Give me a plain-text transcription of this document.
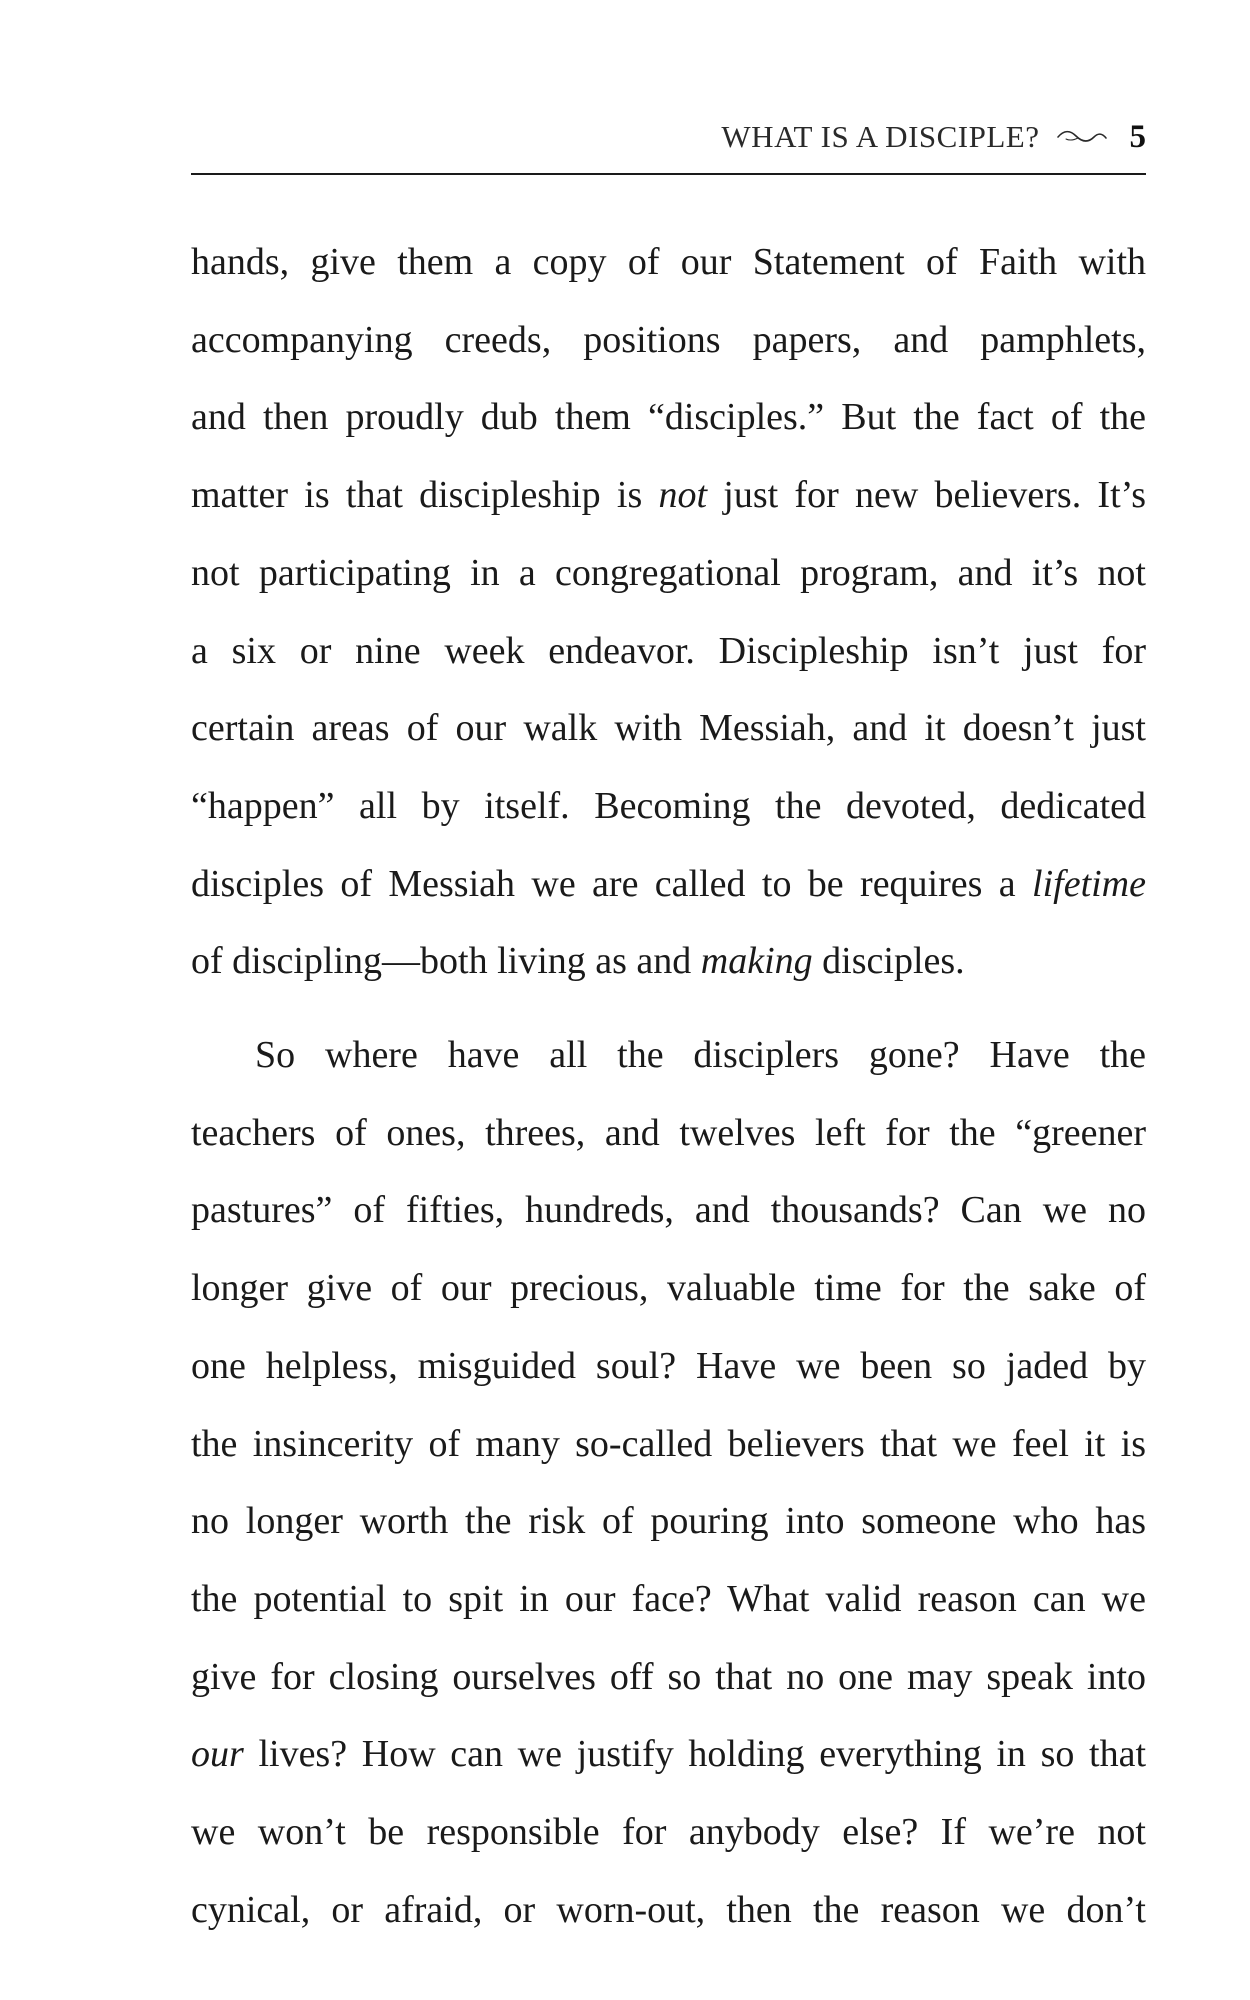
WHAT IS A DISCIPLE?	5
hands, give them a copy of our Statement of Faith with
accompanying creeds, positions papers, and pamphlets,
and then proudly dub them “disciples.” But the fact of the
matter is that discipleship is not just for new believers. It’s
not participating in a congregational program, and it’s not
a six or nine week endeavor. Discipleship isn’t just for
certain areas of our walk with Messiah, and it doesn’t just
“happen” all by itself. Becoming the devoted, dedicated
disciples of Messiah we are called to be requires a lifetime
of discipling—both living as and making disciples.
So where have all the disciplers gone? Have the
teachers of ones, threes, and twelves left for the “greener
pastures” of fifties, hundreds, and thousands? Can we no
longer give of our precious, valuable time for the sake of
one helpless, misguided soul? Have we been so jaded by
the insincerity of many so-called believers that we feel it is
no longer worth the risk of pouring into someone who has
the potential to spit in our face? What valid reason can we
give for closing ourselves off so that no one may speak into
our lives? How can we justify holding everything in so that
we won’t be responsible for anybody else? If we’re not
cynical, or afraid, or worn-out, then the reason we don’t
